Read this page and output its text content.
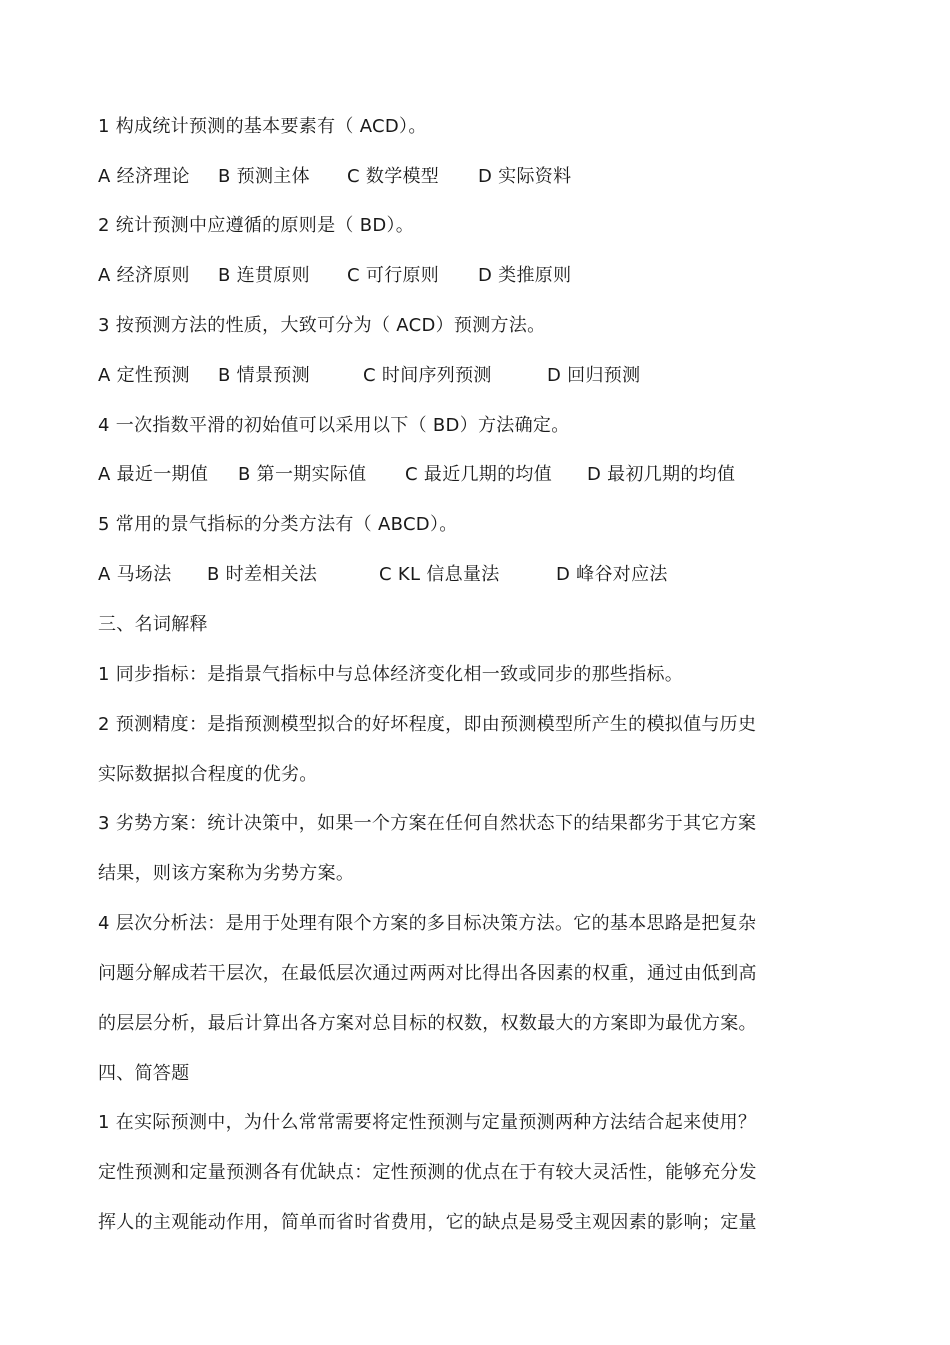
1 构成统计预测的基本要素有（ ACD）。
A 经济理论 B 预测主体 C 数学模型 D 实际资料
2 统计预测中应遵循的原则是（ BD）。
A 经济原则 B 连贯原则 C 可行原则 D 类推原则
3 按预测方法的性质，大致可分为（ ACD）预测方法。
A 定性预测 B 情景预测	C 时间序列预测	D 回归预测
4 一次指数平滑的初始值可以采用以下（ BD）方法确定。
A 最近一期值 B 第一期实际值 C 最近几期的均值 D 最初几期的均值
5 常用的景气指标的分类方法有（ ABCD）。
A 马场法 B 时差相关法	C KL 信息量法	D 峰谷对应法
三、名词解释
1 同步指标：是指景气指标中与总体经济变化相一致或同步的那些指标。
2 预测精度：是指预测模型拟合的好坏程度，即由预测模型所产生的模拟值与历史
实际数据拟合程度的优劣。
3 劣势方案：统计决策中，如果一个方案在任何自然状态下的结果都劣于其它方案
结果，则该方案称为劣势方案。
4 层次分析法：是用于处理有限个方案的多目标决策方法。它的基本思路是把复杂
问题分解成若干层次，在最低层次通过两两对比得出各因素的权重，通过由低到高
的层层分析，最后计算出各方案对总目标的权数，权数最大的方案即为最优方案。
四、简答题
1 在实际预测中，为什么常常需要将定性预测与定量预测两种方法结合起来使用？
定性预测和定量预测各有优缺点：定性预测的优点在于有较大灵活性，能够充分发
挥人的主观能动作用，简单而省时省费用，它的缺点是易受主观因素的影响；定量
